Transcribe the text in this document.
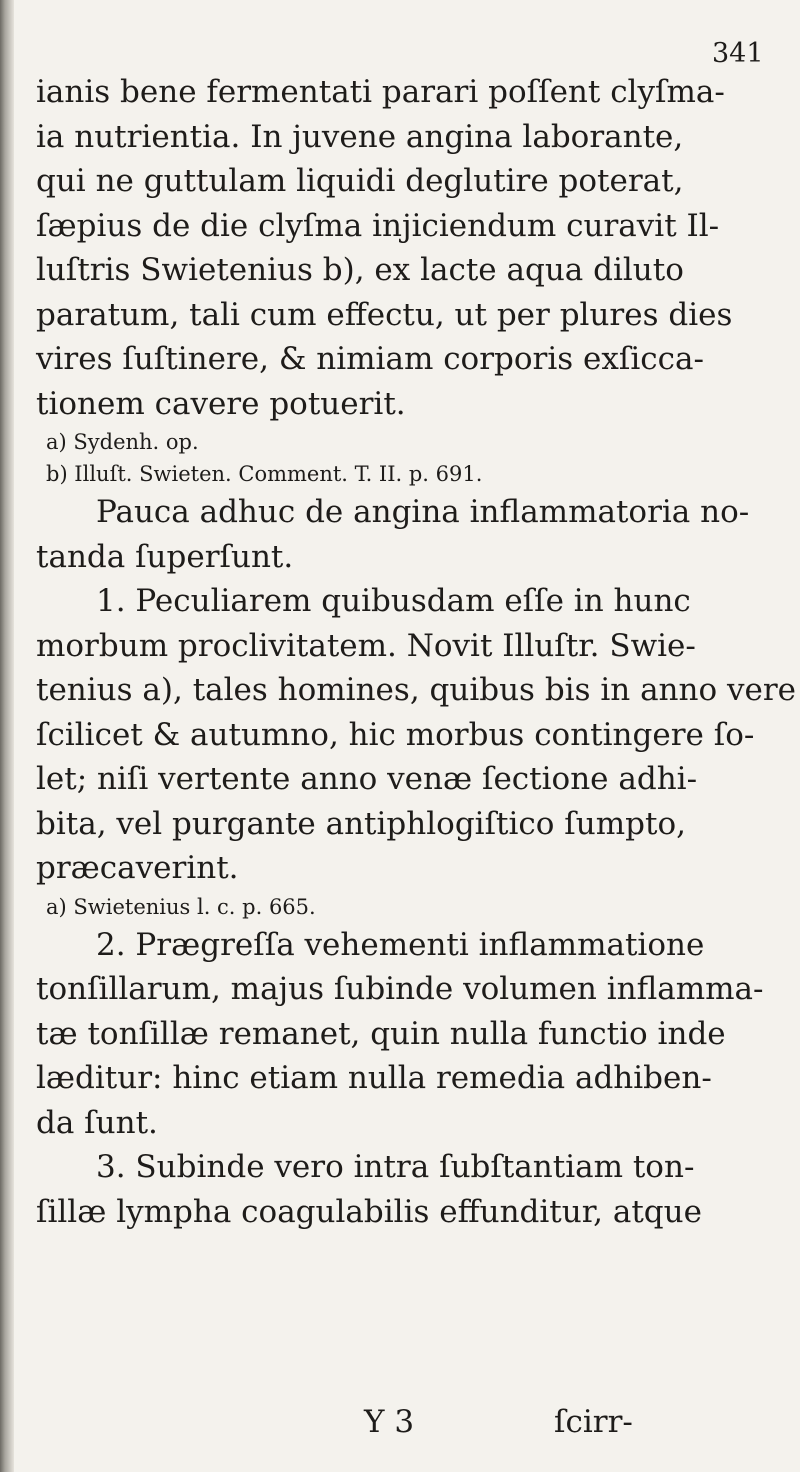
341
ianis bene fermentati parari poſſent clyſma-
ia nutrientia. In juvene angina laborante,
qui ne guttulam liquidi deglutire poterat,
ſæpius de die clyſma injiciendum curavit Il-
luſtris Swietenius b), ex lacte aqua diluto
paratum, tali cum effectu, ut per plures dies
vires ſuſtinere, & nimiam corporis exſicca-
tionem cavere potuerit.
a) Sydenh. op.
b) Illuſt. Swieten. Comment. T. II. p. 691.
Pauca adhuc de angina inflammatoria no-
tanda ſuperſunt.
1. Peculiarem quibusdam eſſe in hunc
morbum proclivitatem. Novit Illuſtr. Swie-
tenius a), tales homines, quibus bis in anno vere
ſcilicet & autumno, hic morbus contingere ſo-
let; niſi vertente anno venæ ſectione adhi-
bita, vel purgante antiphlogiſtico ſumpto,
præcaverint.
a) Swietenius l. c. p. 665.
2. Prægreſſa vehementi inflammatione
tonſillarum, majus ſubinde volumen inflamma-
tæ tonſillæ remanet, quin nulla functio inde
læditur: hinc etiam nulla remedia adhiben-
da ſunt.
3. Subinde vero intra ſubſtantiam ton-
ſillæ lympha coagulabilis effunditur, atque
Y 3	ſcirr-
